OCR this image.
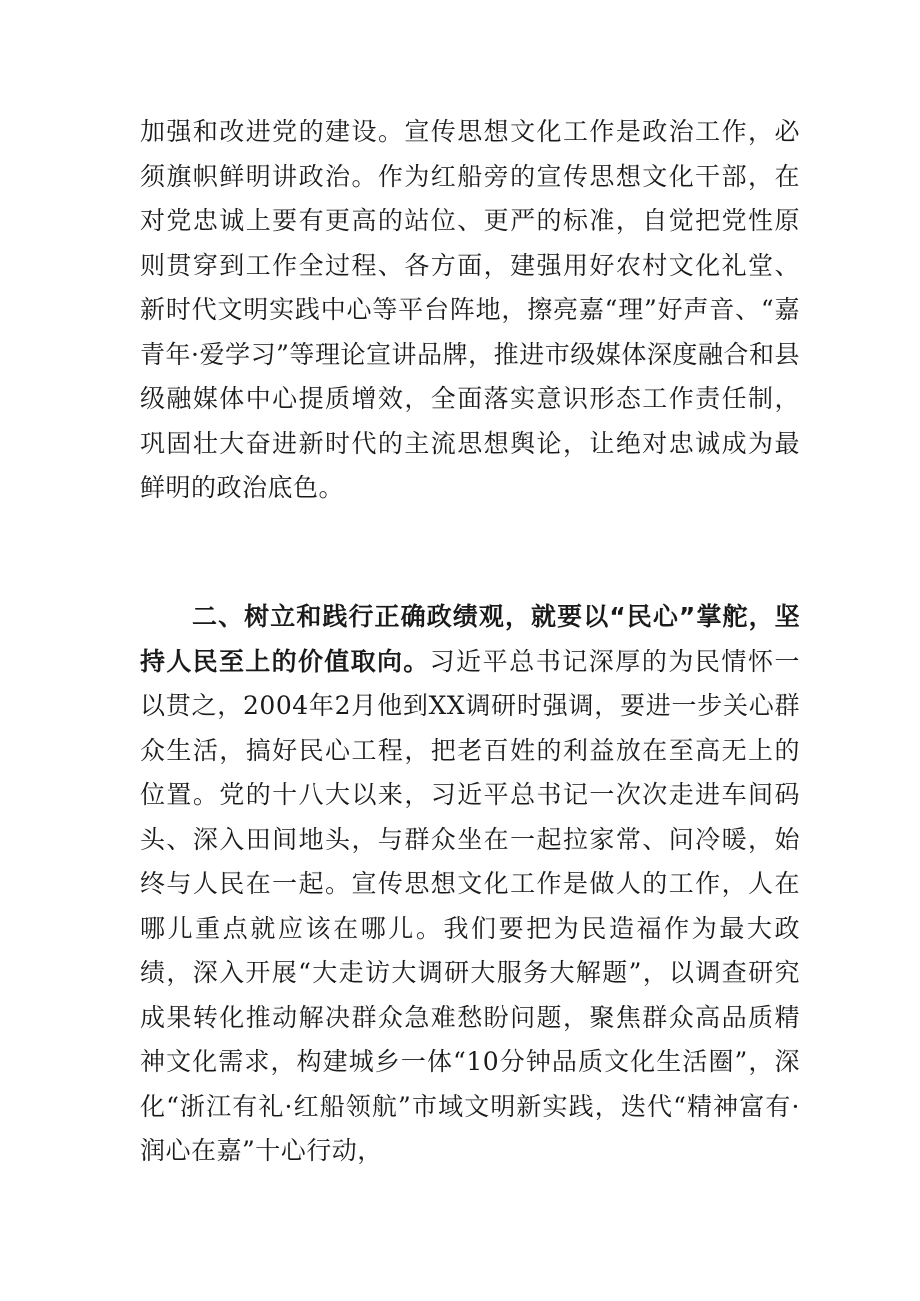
加强和改进党的建设。宣传思想文化工作是政治工作，必须旗帜鲜明讲政治。作为红船旁的宣传思想文化干部，在对党忠诚上要有更高的站位、更严的标准，自觉把党性原则贯穿到工作全过程、各方面，建强用好农村文化礼堂、新时代文明实践中心等平台阵地，擦亮嘉“理”好声音、“嘉青年·爱学习”等理论宣讲品牌，推进市级媒体深度融合和县级融媒体中心提质增效，全面落实意识形态工作责任制，巩固壮大奋进新时代的主流思想舆论，让绝对忠诚成为最鲜明的政治底色。

二、树立和践行正确政绩观，就要以“民心”掌舵，坚持人民至上的价值取向。习近平总书记深厚的为民情怀一以贯之，2004年2月他到XX调研时强调，要进一步关心群众生活，搞好民心工程，把老百姓的利益放在至高无上的位置。党的十八大以来，习近平总书记一次次走进车间码头、深入田间地头，与群众坐在一起拉家常、问冷暖，始终与人民在一起。宣传思想文化工作是做人的工作，人在哪儿重点就应该在哪儿。我们要把为民造福作为最大政绩，深入开展“大走访大调研大服务大解题”，以调查研究成果转化推动解决群众急难愁盼问题，聚焦群众高品质精神文化需求，构建城乡一体“10分钟品质文化生活圈”，深化“浙江有礼·红船领航”市域文明新实践，迭代“精神富有·润心在嘉”十心行动，
